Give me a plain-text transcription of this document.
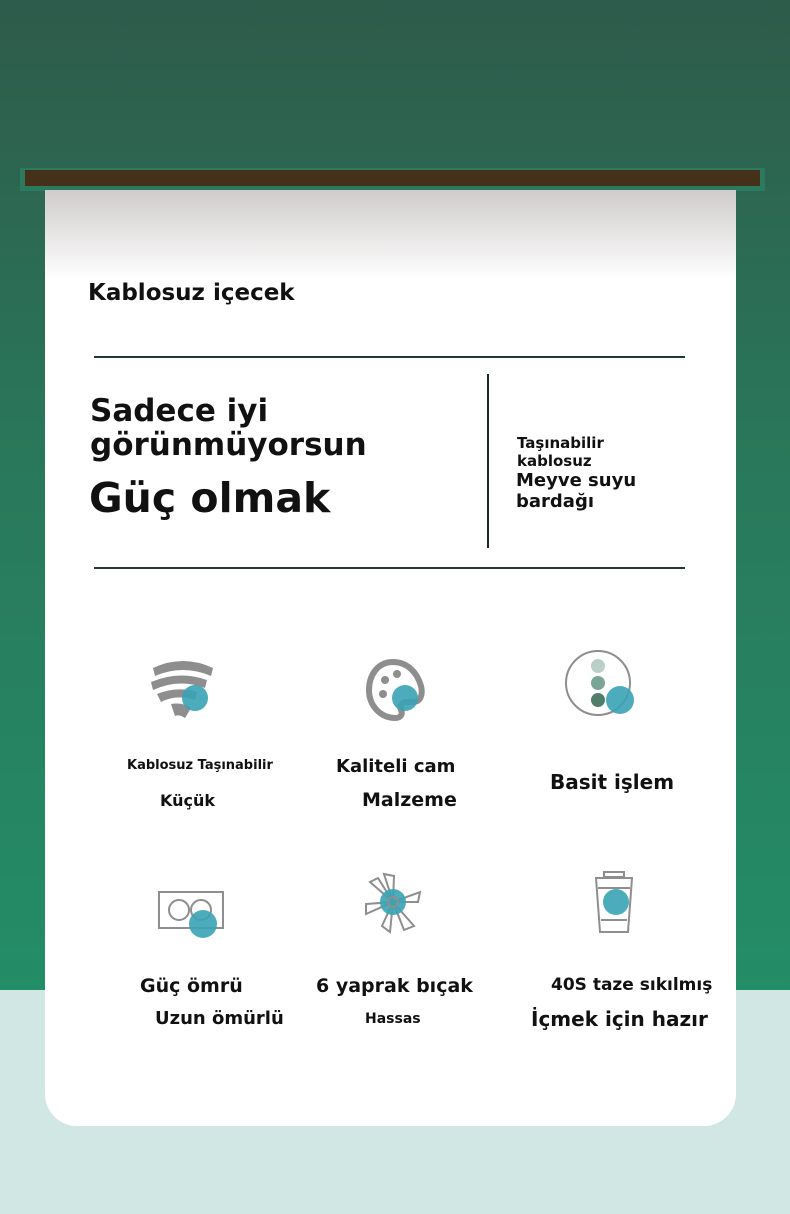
Kablosuz içecek
Sadece iyi
görünmüyorsun
Güç olmak
Taşınabilir
kablosuz
Meyve suyu
bardağı
Kablosuz Taşınabilir
Küçük
Kaliteli cam
Malzeme
Basit işlem
Güç ömrü
Uzun ömürlü
6 yaprak bıçak
Hassas
40S taze sıkılmış
İçmek için hazır
